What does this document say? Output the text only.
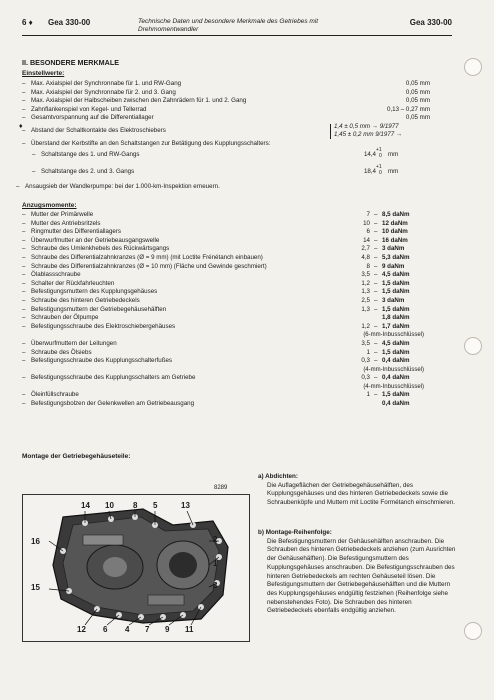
6 ♦ Gea 330-00	Technische Daten und besondere Merkmale des Getriebes mit Drehmomentwandler
Gea 330-00
II. BESONDERE MERKMALE
Einstellwerte:
– Max. Axialspiel der Synchronnabe für 1. und RW-Gang	0,05 mm
– Max. Axialspiel der Synchronnabe für 2. und 3. Gang	0,05 mm
– Max. Axialspiel der Halbscheiben zwischen den Zahnrädern für 1. und 2. Gang	0,05 mm
– Zahnflankenspiel von Kegel- und Tellerrad	0,13 – 0,27 mm
– Gesamtvorspannung auf die Differentiallager	0,05 mm
♦
– Abstand der Schaltkontakte des Elektroschiebers
1,4 ± 0,5 mm → 9/1977
1,45 ± 0,2 mm 9/1977 →
– Überstand der Kerbstifte an den Schaltstangen zur Betätigung des Kupplungsschalters:
– Schaltstange des 1. und RW-Gangs	14,4
+1
0 mm
– Schaltstange des 2. und 3. Gangs	18,4
+1
0 mm
– Ansaugsieb der Wandlerpumpe: bei der 1.000-km-Inspektion erneuern.
Anzugsmomente:
– Mutter der Primärwelle	7 – 8,5 daNm
– Mutter des Antriebsritzels	10 – 12 daNm
– Ringmutter des Differentiallagers	6 – 10 daNm
– Überwurfmutter an der Getriebeausgangswelle	14 – 16 daNm
– Schraube des Umlenkhebels des Rückwärtsgangs	2,7 – 3 daNm
– Schraube des Differentialzahnkranzes (Ø = 9 mm) (mit Loctite Frénétanch einbauen)	4,8 – 5,3 daNm
– Schraube des Differentialzahnkranzes (Ø = 10 mm) (Fläche und Gewinde geschmiert)	8 – 9 daNm
– Ölablassschraube	3,5 – 4,5 daNm
– Schalter der Rückfahrleuchten	1,2 – 1,5 daNm
– Befestigungsmuttern des Kupplungsgehäuses	1,3 – 1,5 daNm
– Schraube des hinteren Getriebedeckels	2,5 – 3 daNm
– Befestigungsmuttern der Getriebegehäusehälften	1,3 – 1,5 daNm
– Schrauben der Ölpumpe	1,8 daNm
– Befestigungsschraube des Elektroschiebergehäuses	1,2 – 1,7 daNm
(6-mm-Inbusschlüssel)
– Überwurfmuttern der Leitungen	3,5 – 4,5 daNm
– Schraube des Ölsiebs	1 – 1,5 daNm
– Befestigungsschraube des Kupplungsschalterfußes	0,3 – 0,4 daNm
(4-mm-Inbusschlüssel)
– Befestigungsschraube des Kupplungsschalters am Getriebe	0,3 – 0,4 daNm
(4-mm-Inbusschlüssel)
– Öleinfüllschraube	1 – 1,5 daNm
– Befestigungsbolzen der Gelenkwellen am Getriebeausgang	0,4 daNm
Montage der Getriebegehäuseteile:
8289
14 10 8 5	13
16	2
1
15	3
12 6 4 7 9 11
a) Abdichten:
Die Auflageflächen der Getriebegehäusehälften, des Kupplungsgehäuses und des hinteren Getriebedeckels sowie die Schraubenköpfe und Muttern mit Loctite Formétanch einschmieren.
b) Montage-Reihenfolge:
Die Befestigungsmuttern der Gehäusehälften anschrauben. Die Schrauben des hinteren Getriebedeckels anziehen (zum Ausrichten der Gehäusehälften). Die Befestigungsmuttern des Kupplungsgehäuses anschrauben. Die Befestigungsschrauben des hinteren Getriebedeckels am rechten Gehäuseteil lösen. Die Befestigungsmuttern der Getriebegehäusehälften und die Muttern des Kupplungsgehäuses endgültig festziehen (Reihenfolge siehe nebenstehendes Foto). Die Schrauben des hinteren Getriebedeckels ebenfalls endgültig anziehen.
